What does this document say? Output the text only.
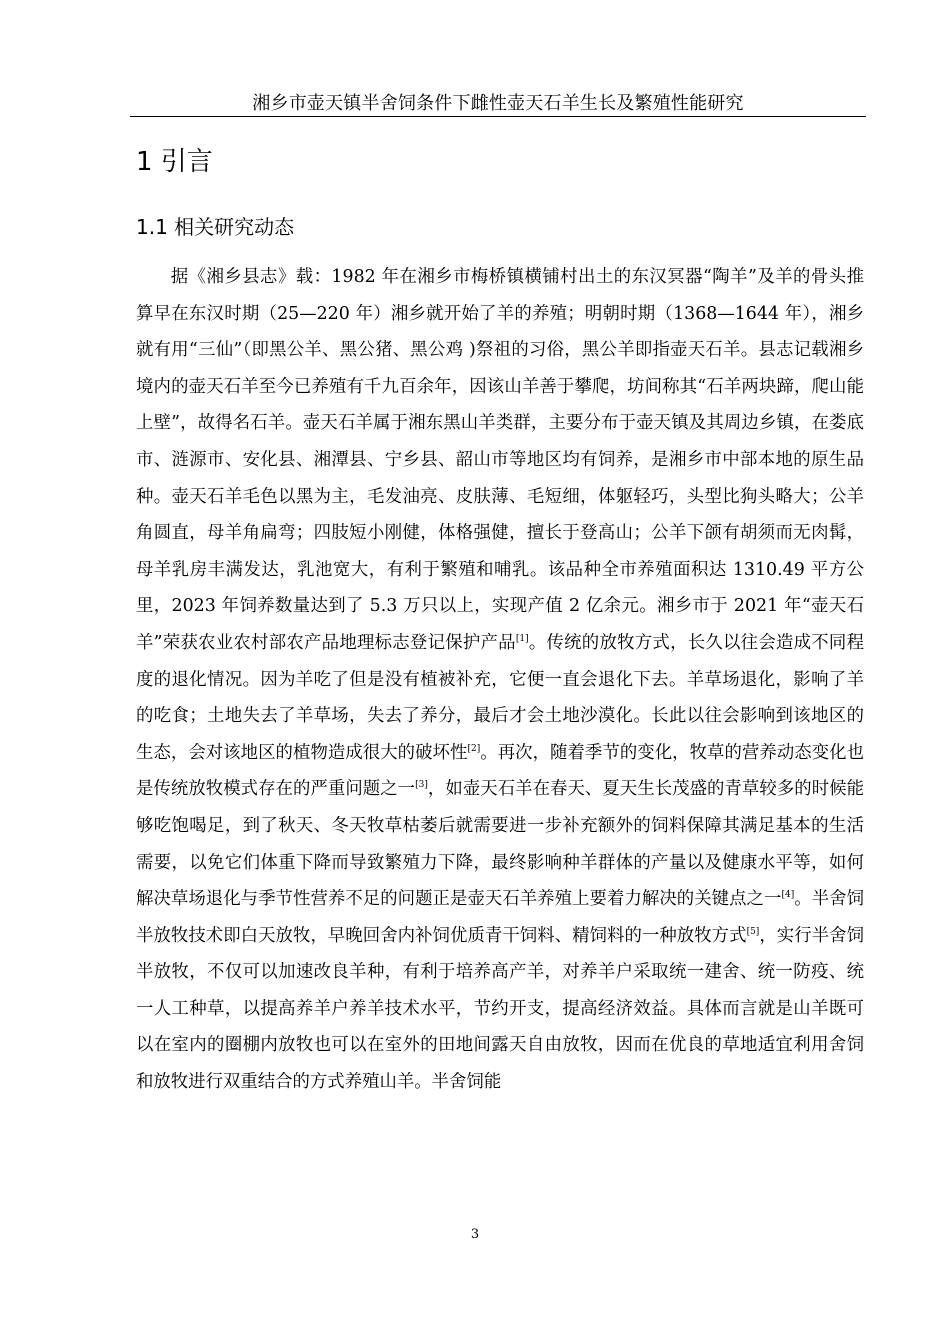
湘乡市壶天镇半舍饲条件下雌性壶天石羊生长及繁殖性能研究
1 引言
1.1 相关研究动态

据《湘乡县志》载：1982 年在湘乡市梅桥镇横铺村出土的东汉冥器“陶羊”及羊的骨头推算早在东汉时期（25—220 年）湘乡就开始了羊的养殖；明朝时期（1368—1644 年），湘乡就有用“三仙”（即黑公羊、黑公猪、黑公鸡 )祭祖的习俗，黑公羊即指壶天石羊。县志记载湘乡境内的壶天石羊至今已养殖有千九百余年，因该山羊善于攀爬，坊间称其“石羊两块蹄，爬山能上壁”，故得名石羊。壶天石羊属于湘东黑山羊类群，主要分布于壶天镇及其周边乡镇，在娄底市、涟源市、安化县、湘潭县、宁乡县、韶山市等地区均有饲养，是湘乡市中部本地的原生品种。壶天石羊毛色以黑为主，毛发油亮、皮肤薄、毛短细，体躯轻巧，头型比狗头略大；公羊角圆直，母羊角扁弯；四肢短小刚健，体格强健，擅长于登高山；公羊下颌有胡须而无肉髯，母羊乳房丰满发达，乳池宽大，有利于繁殖和哺乳。该品种全市养殖面积达 1310.49 平方公里，2023 年饲养数量达到了 5.3 万只以上，实现产值 2 亿余元。湘乡市于 2021 年“壶天石羊”荣获农业农村部农产品地理标志登记保护产品[1]。传统的放牧方式，长久以往会造成不同程度的退化情况。因为羊吃了但是没有植被补充，它便一直会退化下去。羊草场退化，影响了羊的吃食；土地失去了羊草场，失去了养分，最后才会土地沙漠化。长此以往会影响到该地区的生态，会对该地区的植物造成很大的破坏性[2]。再次，随着季节的变化，牧草的营养动态变化也是传统放牧模式存在的严重问题之一[3]，如壶天石羊在春天、夏天生长茂盛的青草较多的时候能够吃饱喝足，到了秋天、冬天牧草枯萎后就需要进一步补充额外的饲料保障其满足基本的生活需要，以免它们体重下降而导致繁殖力下降，最终影响种羊群体的产量以及健康水平等，如何解决草场退化与季节性营养不足的问题正是壶天石羊养殖上要着力解决的关键点之一[4]。半舍饲半放牧技术即白天放牧，早晚回舍内补饲优质青干饲料、精饲料的一种放牧方式[5]，实行半舍饲半放牧，不仅可以加速改良羊种，有利于培养高产羊，对养羊户采取统一建舍、统一防疫、统一人工种草，以提高养羊户养羊技术水平，节约开支，提高经济效益。具体而言就是山羊既可以在室内的圈棚内放牧也可以在室外的田地间露天自由放牧，因而在优良的草地适宜利用舍饲和放牧进行双重结合的方式养殖山羊。半舍饲能

3
